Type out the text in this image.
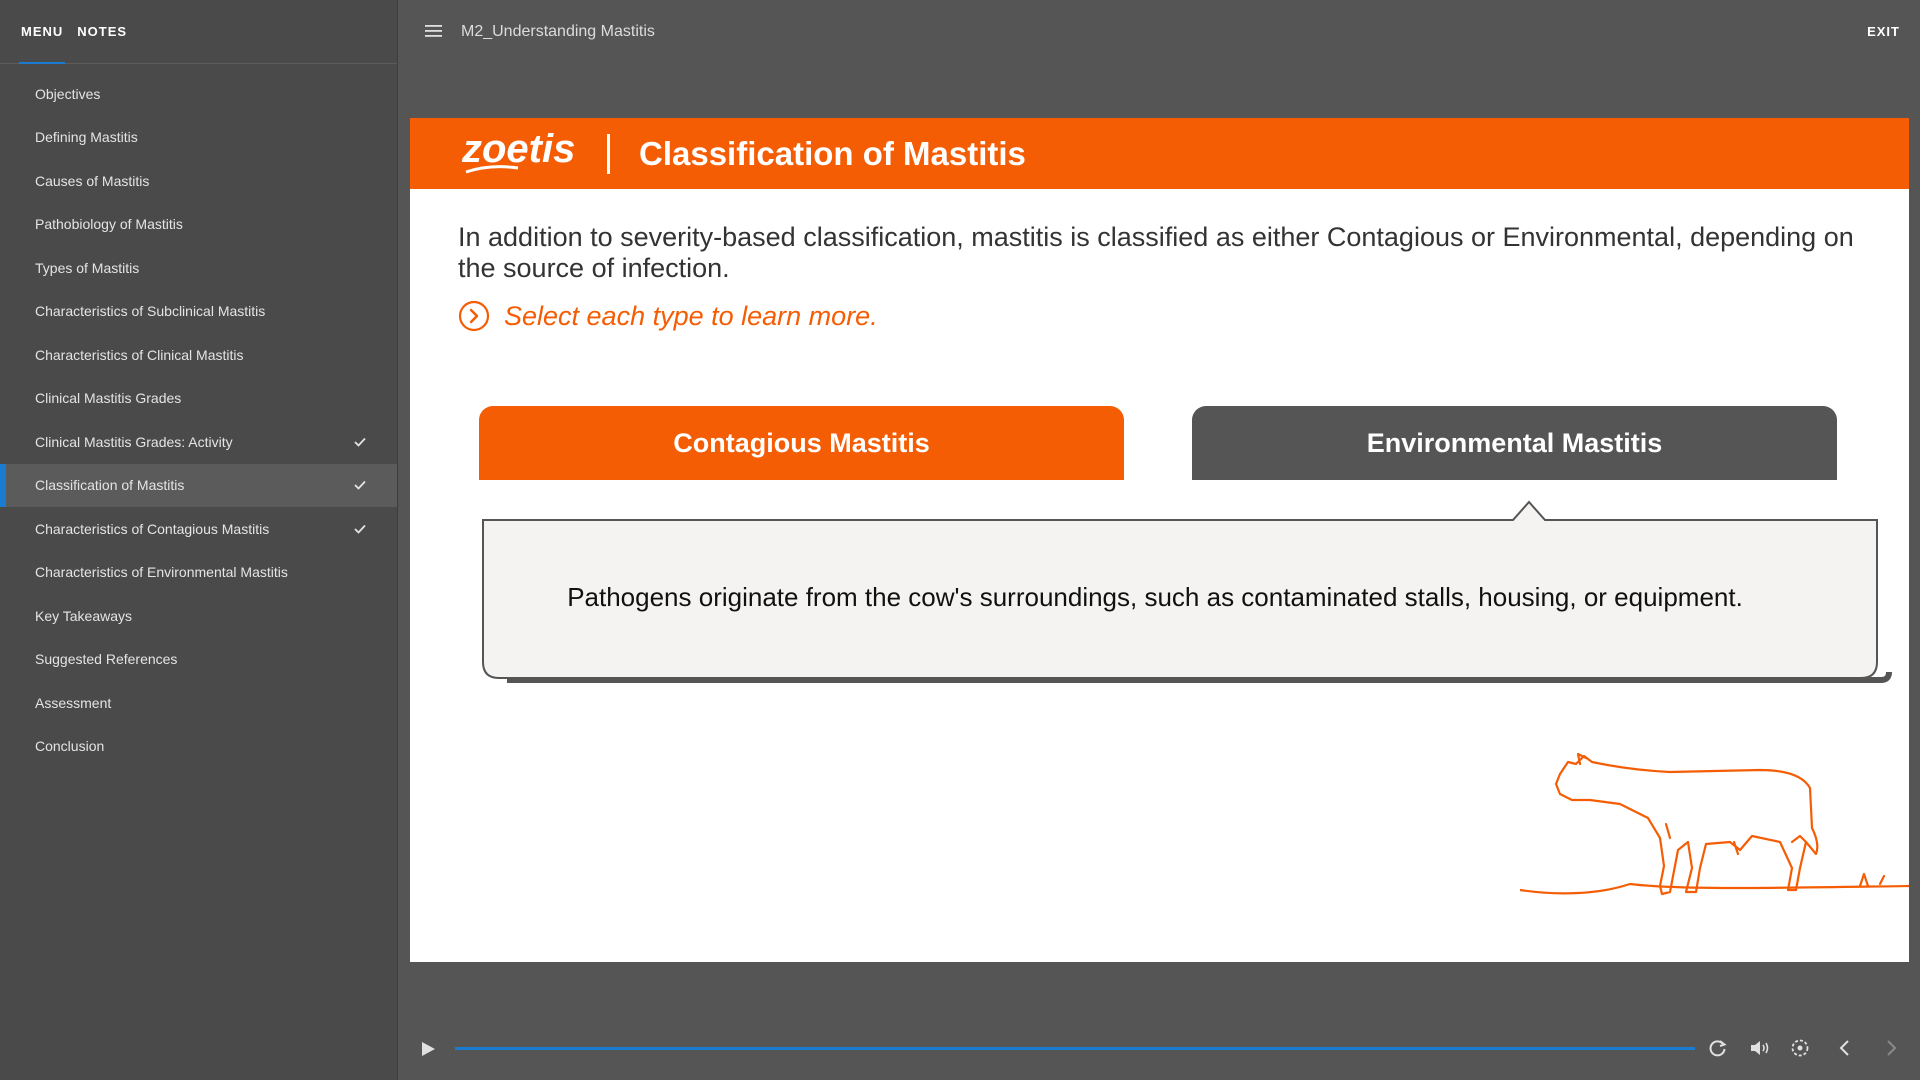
MENU NOTES
Objectives
Defining Mastitis
Causes of Mastitis
Pathobiology of Mastitis
Types of Mastitis
Characteristics of Subclinical Mastitis
Characteristics of Clinical Mastitis
Clinical Mastitis Grades
Clinical Mastitis Grades: Activity
Classification of Mastitis
Characteristics of Contagious Mastitis
Characteristics of Environmental Mastitis
Key Takeaways
Suggested References
Assessment
Conclusion
M2_Understanding Mastitis	EXIT
zoetis Classification of Mastitis

In addition to severity-based classification, mastitis is classified as either Contagious or Environmental, depending on the source of infection.

Select each type to learn more.
Contagious Mastitis	Environmental Mastitis

Pathogens originate from the cow's surroundings, such as contaminated stalls, housing, or equipment.
